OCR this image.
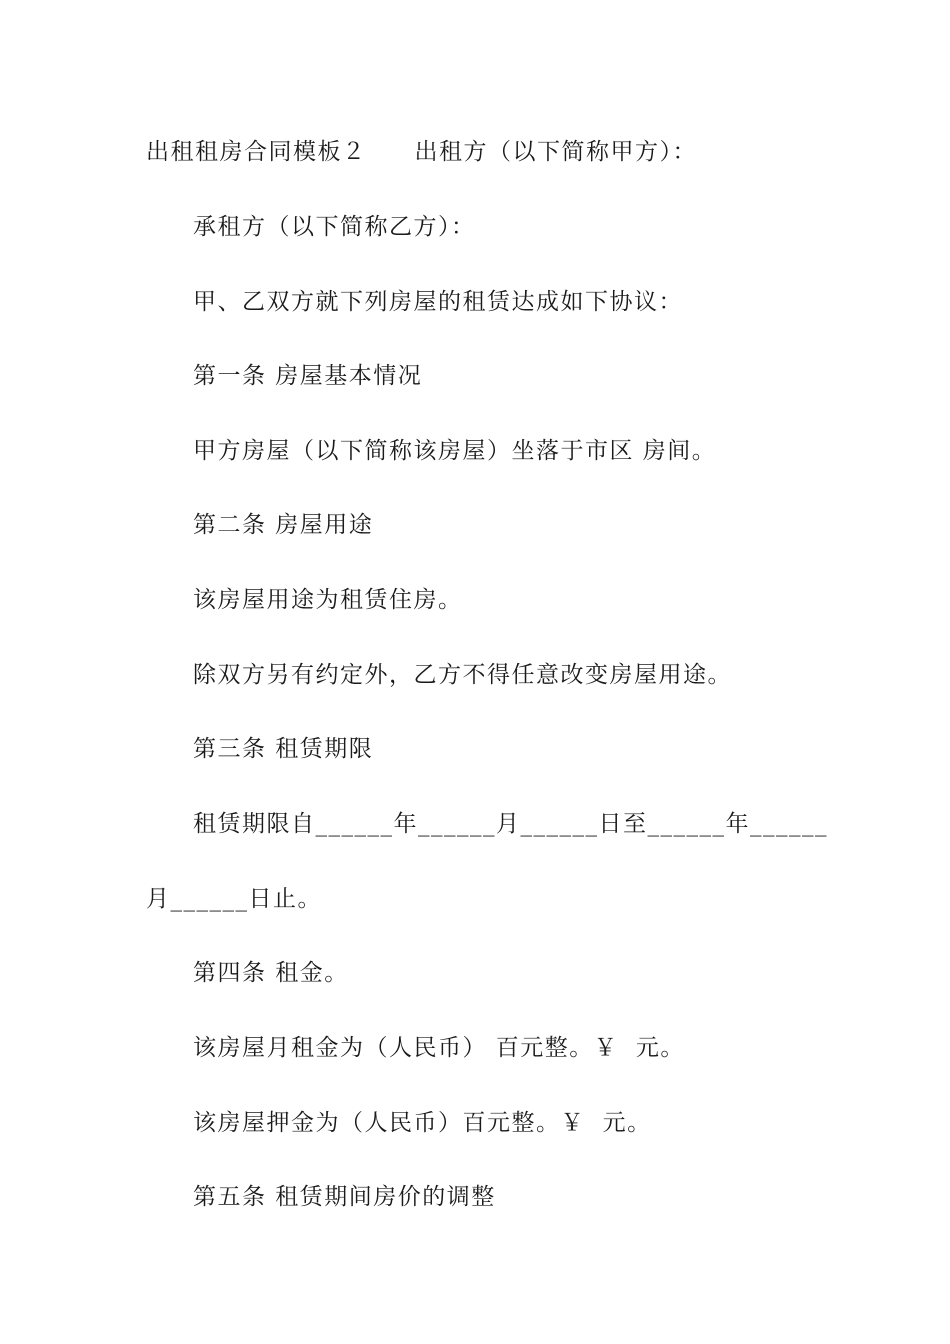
出租租房合同模板２ 出租方（以下简称甲方）：
承租方（以下简称乙方）：
甲、乙双方就下列房屋的租赁达成如下协议：
第一条 房屋基本情况
甲方房屋（以下简称该房屋）坐落于市区 房间。
第二条 房屋用途
该房屋用途为租赁住房。
除双方另有约定外，乙方不得任意改变房屋用途。
第三条 租赁期限
租赁期限自______年______月______日至______年______
月______日止。
第四条 租金。
该房屋月租金为（人民币） 百元整。￥  元。
该房屋押金为（人民币）百元整。￥  元。
第五条 租赁期间房价的调整
